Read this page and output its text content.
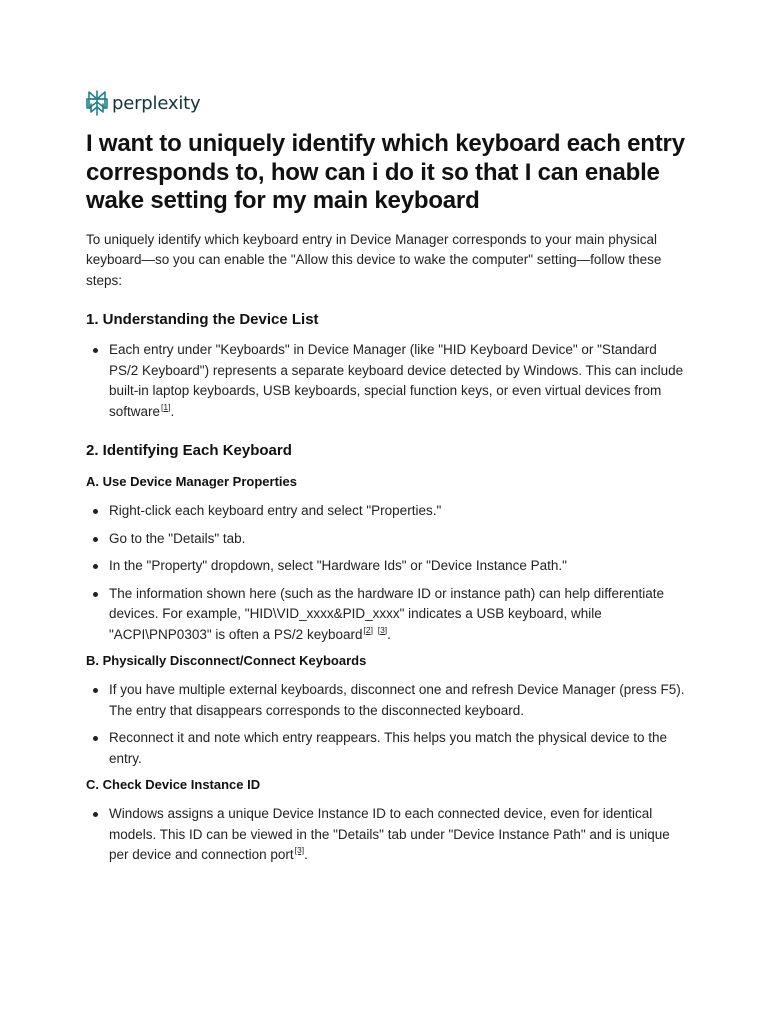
perplexity
I want to uniquely identify which keyboard each entry corresponds to, how can i do it so that I can enable wake setting for my main keyboard

To uniquely identify which keyboard entry in Device Manager corresponds to your main physical keyboard—so you can enable the "Allow this device to wake the computer" setting—follow these steps:

1. Understanding the Device List
Each entry under "Keyboards" in Device Manager (like "HID Keyboard Device" or "Standard PS/2 Keyboard") represents a separate keyboard device detected by Windows. This can include built-in laptop keyboards, USB keyboards, special function keys, or even virtual devices from software[1].
2. Identifying Each Keyboard
A. Use Device Manager Properties
Right-click each keyboard entry and select "Properties."
Go to the "Details" tab.
In the "Property" dropdown, select "Hardware Ids" or "Device Instance Path."
The information shown here (such as the hardware ID or instance path) can help differentiate devices. For example, "HID\VID_xxxx&PID_xxxx" indicates a USB keyboard, while "ACPI\PNP0303" is often a PS/2 keyboard[2] [3].
B. Physically Disconnect/Connect Keyboards
If you have multiple external keyboards, disconnect one and refresh Device Manager (press F5). The entry that disappears corresponds to the disconnected keyboard.
Reconnect it and note which entry reappears. This helps you match the physical device to the entry.
C. Check Device Instance ID
Windows assigns a unique Device Instance ID to each connected device, even for identical models. This ID can be viewed in the "Details" tab under "Device Instance Path" and is unique per device and connection port[3].
